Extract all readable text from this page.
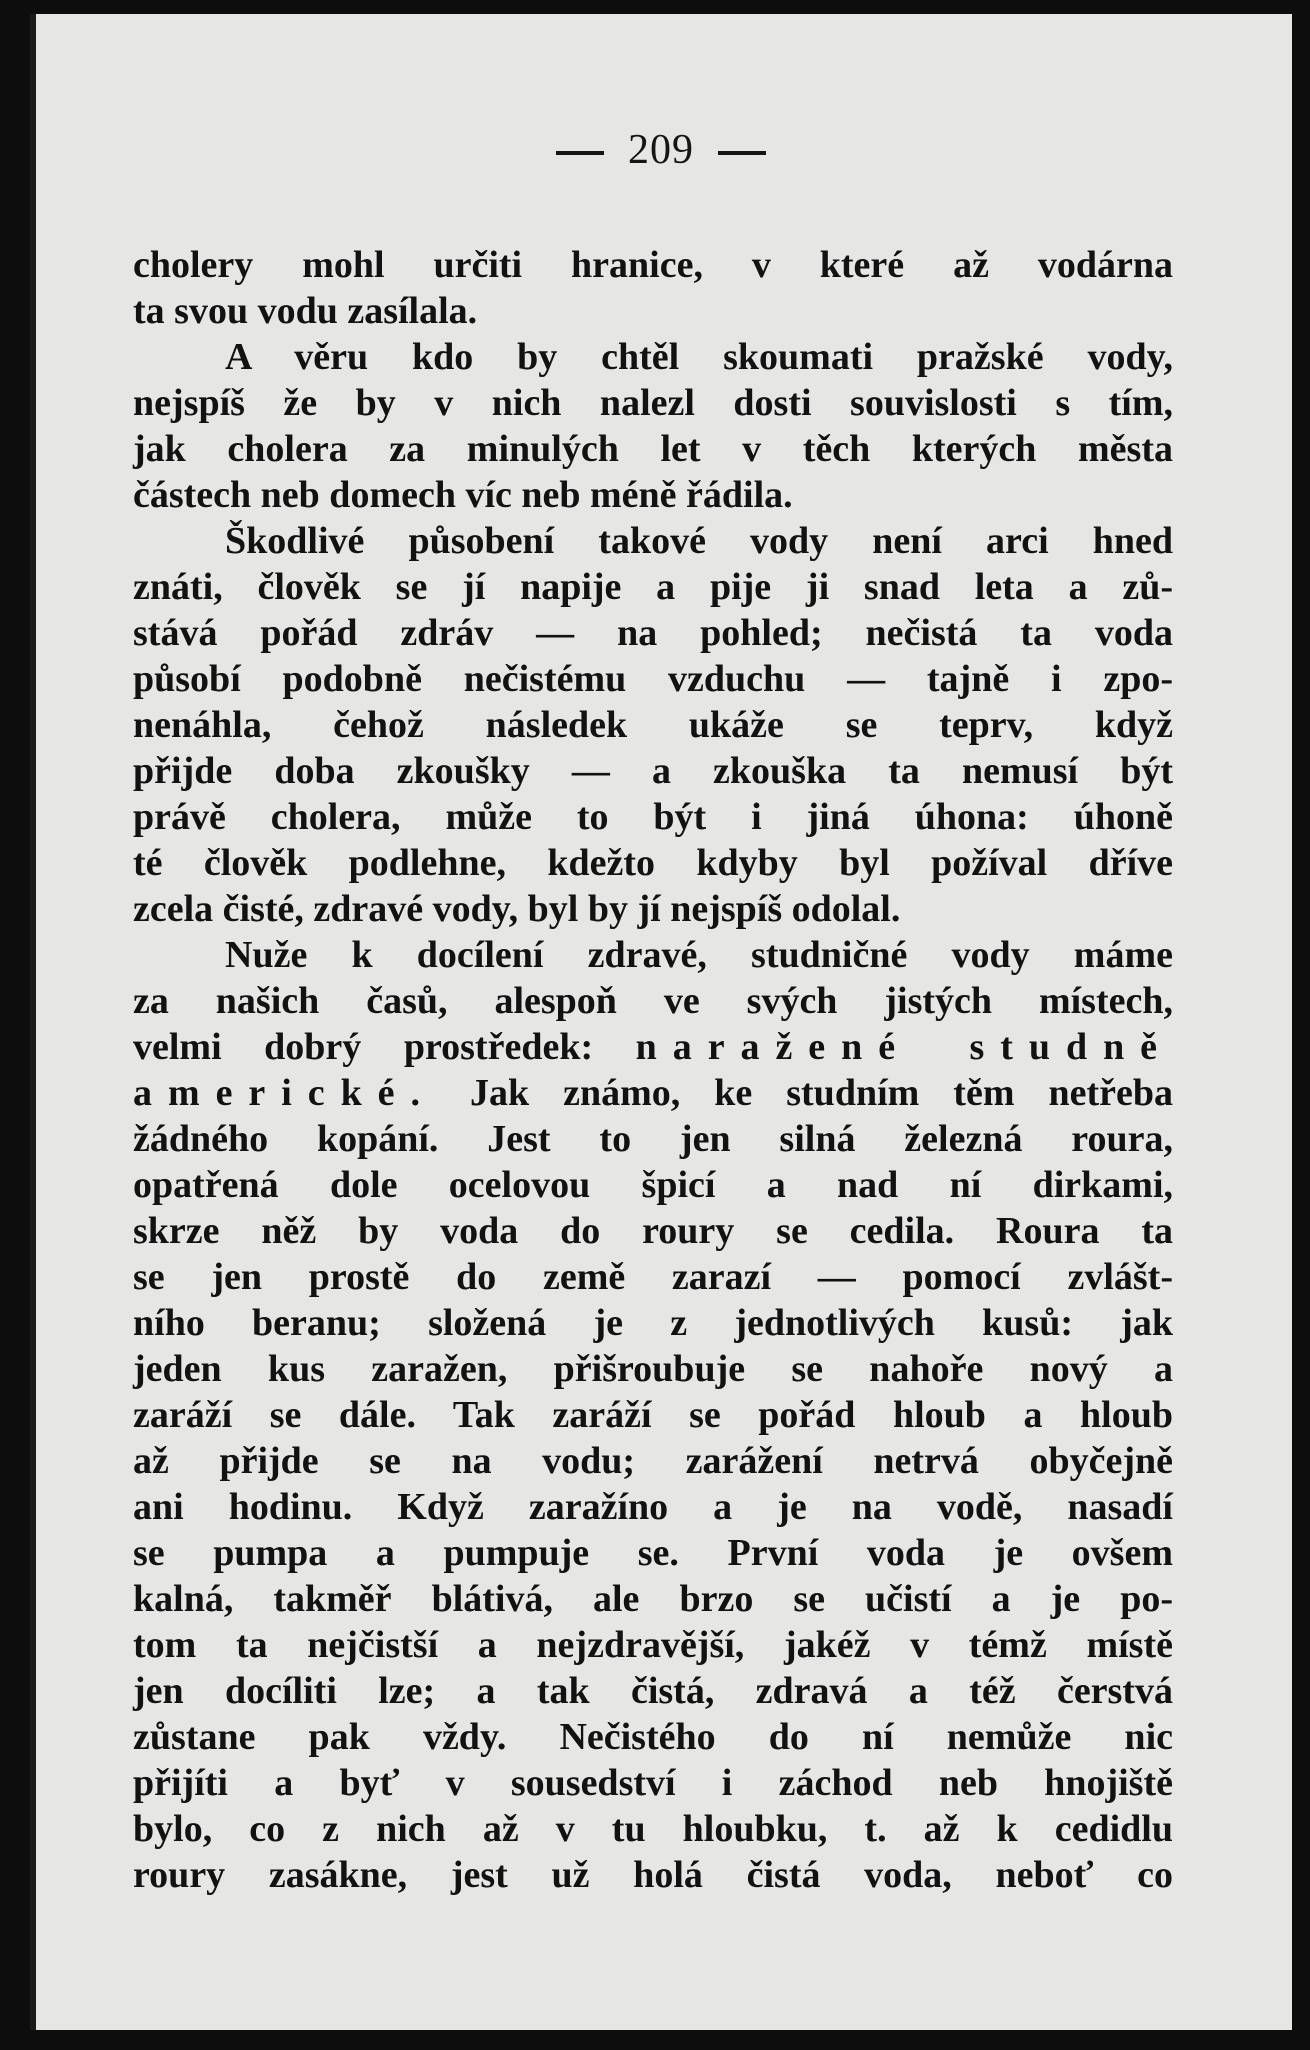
209
cholery mohl určiti hranice, v které až vodárna
ta svou vodu zasílala.
A věru kdo by chtěl skoumati pražské vody,
nejspíš že by v nich nalezl dosti souvislosti s tím,
jak cholera za minulých let v těch kterých města
částech neb domech víc neb méně řádila.
Škodlivé působení takové vody není arci hned
znáti, člověk se jí napije a pije ji snad leta a zů-
stává pořád zdráv — na pohled; nečistá ta voda
působí podobně nečistému vzduchu — tajně i zpo-
nenáhla, čehož následek ukáže se teprv, když
přijde doba zkoušky — a zkouška ta nemusí být
právě cholera, může to být i jiná úhona: úhoně
té člověk podlehne, kdežto kdyby byl požíval dříve
zcela čisté, zdravé vody, byl by jí nejspíš odolal.
Nuže k docílení zdravé, studničné vody máme
za našich časů, alespoň ve svých jistých místech,
velmi dobrý prostředek: naražené studně
americké. Jak známo, ke studním těm netřeba
žádného kopání. Jest to jen silná železná roura,
opatřená dole ocelovou špicí a nad ní dirkami,
skrze něž by voda do roury se cedila. Roura ta
se jen prostě do země zarazí — pomocí zvlášt-
ního beranu; složená je z jednotlivých kusů: jak
jeden kus zaražen, přišroubuje se nahoře nový a
zaráží se dále. Tak zaráží se pořád hloub a hloub
až přijde se na vodu; zarážení netrvá obyčejně
ani hodinu. Když zaražíno a je na vodě, nasadí
se pumpa a pumpuje se. První voda je ovšem
kalná, takměř blátivá, ale brzo se učistí a je po-
tom ta nejčistší a nejzdravější, jakéž v témž místě
jen docíliti lze; a tak čistá, zdravá a též čerstvá
zůstane pak vždy. Nečistého do ní nemůže nic
přijíti a byť v sousedství i záchod neb hnojiště
bylo, co z nich až v tu hloubku, t. až k cedidlu
roury zasákne, jest už holá čistá voda, neboť co
